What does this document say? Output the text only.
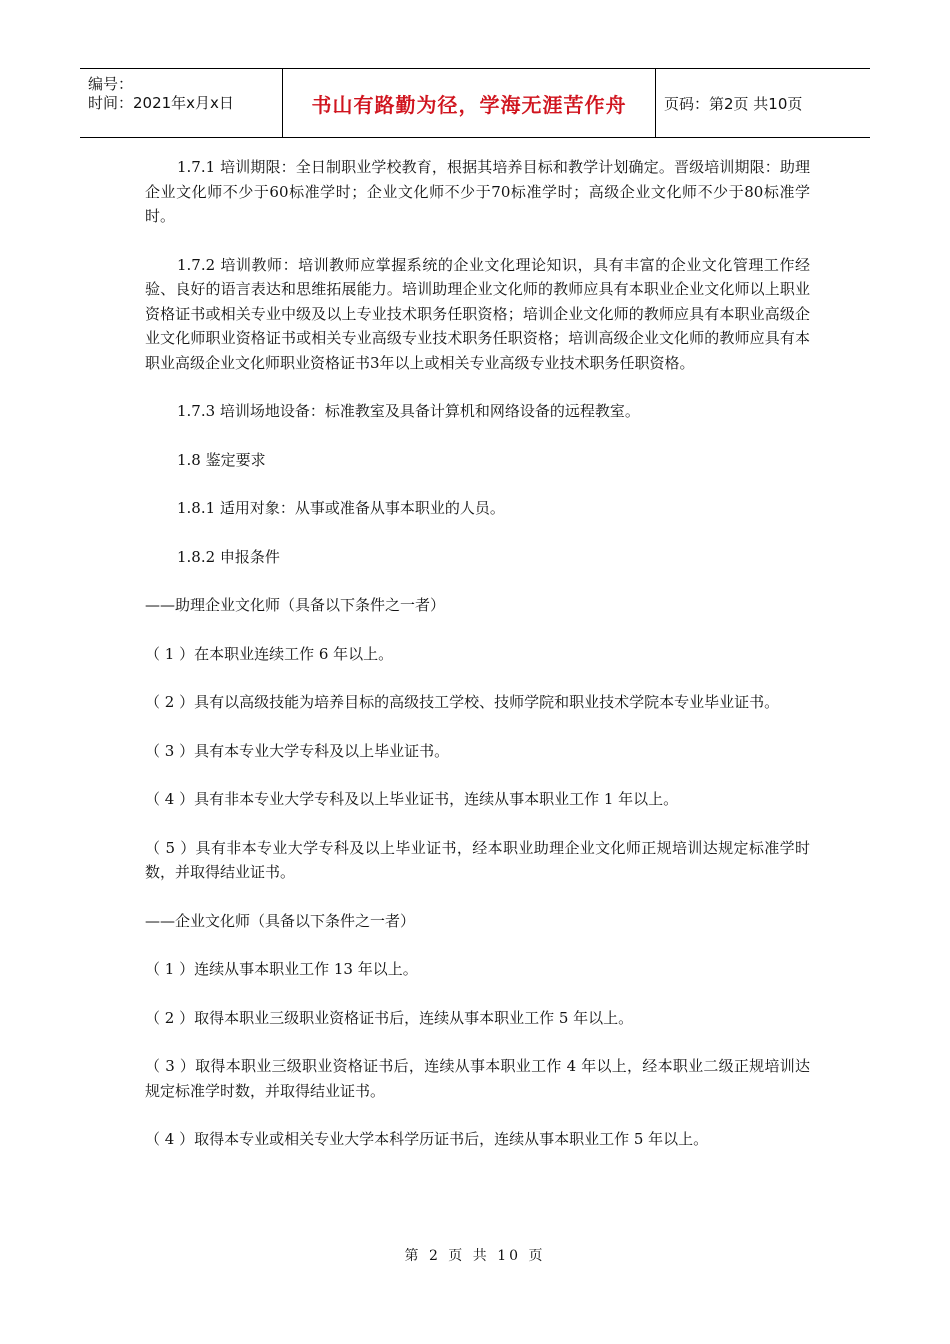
编号：
时间：2021年x月x日	书山有路勤为径，学海无涯苦作舟	页码：第2页 共10页

1.7.1 培训期限：全日制职业学校教育，根据其培养目标和教学计划确定。晋级培训期限：助理企业文化师不少于60标准学时；企业文化师不少于70标准学时；高级企业文化师不少于80标准学时。

1.7.2 培训教师：培训教师应掌握系统的企业文化理论知识，具有丰富的企业文化管理工作经验、良好的语言表达和思维拓展能力。培训助理企业文化师的教师应具有本职业企业文化师以上职业资格证书或相关专业中级及以上专业技术职务任职资格；培训企业文化师的教师应具有本职业高级企业文化师职业资格证书或相关专业高级专业技术职务任职资格；培训高级企业文化师的教师应具有本职业高级企业文化师职业资格证书3年以上或相关专业高级专业技术职务任职资格。

1.7.3 培训场地设备：标准教室及具备计算机和网络设备的远程教室。

1.8 鉴定要求

1.8.1 适用对象：从事或准备从事本职业的人员。

1.8.2 申报条件

——助理企业文化师（具备以下条件之一者）

（ 1 ）在本职业连续工作 6 年以上。

（ 2 ）具有以高级技能为培养目标的高级技工学校、技师学院和职业技术学院本专业毕业证书。

（ 3 ）具有本专业大学专科及以上毕业证书。

（ 4 ）具有非本专业大学专科及以上毕业证书，连续从事本职业工作 1 年以上。

（ 5 ）具有非本专业大学专科及以上毕业证书，经本职业助理企业文化师正规培训达规定标准学时数，并取得结业证书。

——企业文化师（具备以下条件之一者）

（ 1 ）连续从事本职业工作 13 年以上。

（ 2 ）取得本职业三级职业资格证书后，连续从事本职业工作 5 年以上。

（ 3 ）取得本职业三级职业资格证书后，连续从事本职业工作 4 年以上，经本职业二级正规培训达规定标准学时数，并取得结业证书。

（ 4 ）取得本专业或相关专业大学本科学历证书后，连续从事本职业工作 5 年以上。

第 2 页 共 10 页
